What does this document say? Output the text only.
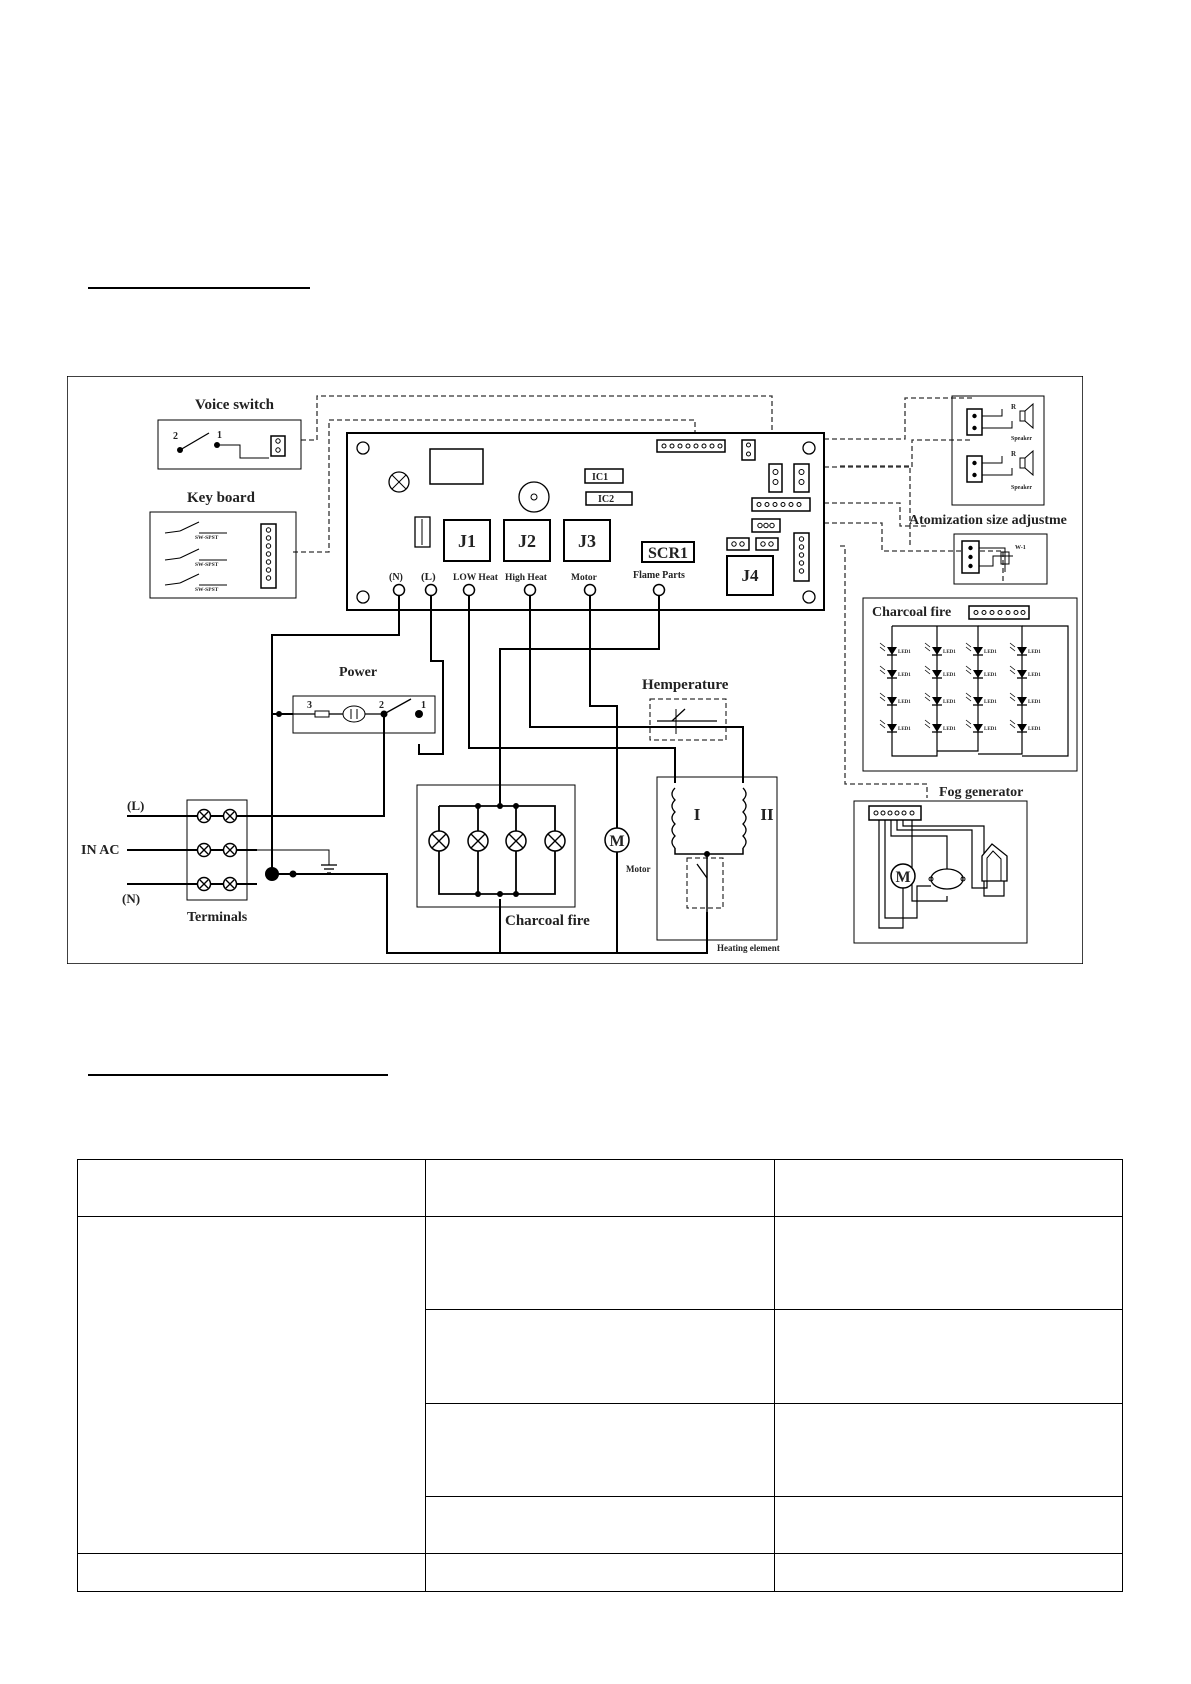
Voice switch
2	1
Key board
SW-SPST
SW-SPST
SW-SPST
IC1
IC2
J1 J2 J3
SCR1
J4
(N) (L) LOW Heat High Heat	Motor	Flame Parts
Power
3	2	1
(L)
IN AC
(N)
Terminals	Charcoal fire
M
Motor
Hemperature
I	II
Heating element
R
Speaker
R
Speaker
Atomization size adjustme
W-1
Charcoal fire
LED1
LED1
LED1
LED1
LED1
LED1
LED1
LED1
LED1
LED1
LED1
LED1
LED1
LED1
LED1
LED1
Fog generator
M
